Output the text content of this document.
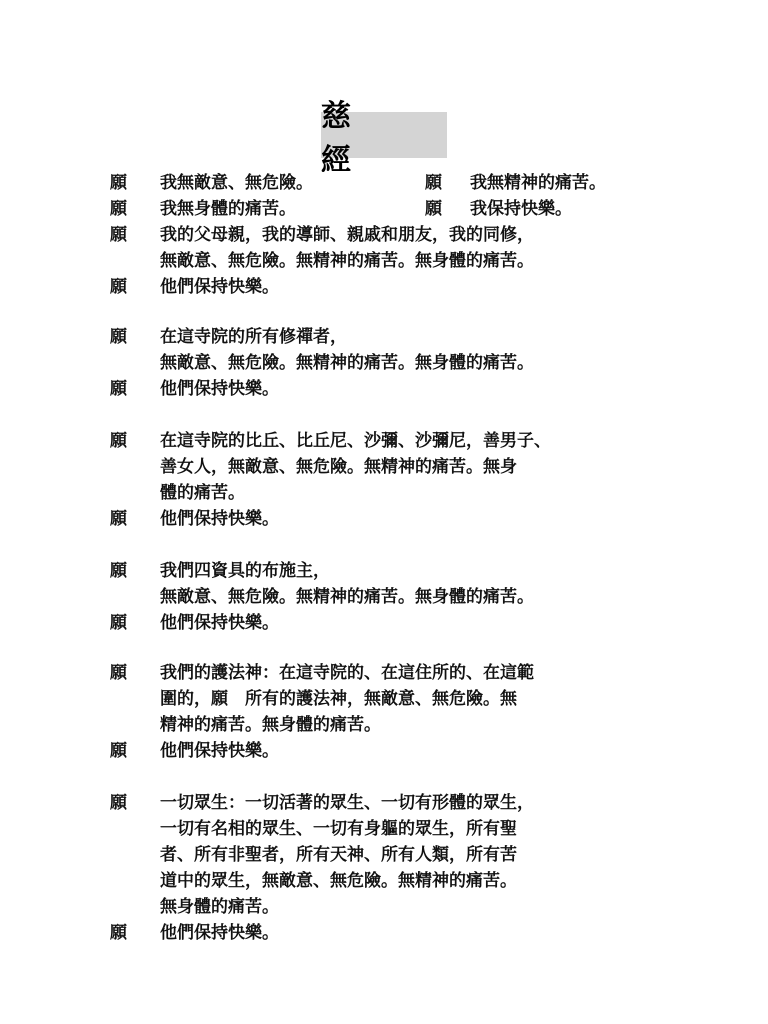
慈　經
願 我無敵意、無危險。	願 我無精神的痛苦。
願 我無身體的痛苦。	願 我保持快樂。
願 我的父母親，我的導師、親戚和朋友，我的同修，
無敵意、無危險。無精神的痛苦。無身體的痛苦。
願 他們保持快樂。
願 在這寺院的所有修禪者，
無敵意、無危險。無精神的痛苦。無身體的痛苦。
願 他們保持快樂。
願 在這寺院的比丘、比丘尼、沙彌、沙彌尼，善男子、
善女人，無敵意、無危險。無精神的痛苦。無身
體的痛苦。
願 他們保持快樂。
願 我們四資具的布施主，
無敵意、無危險。無精神的痛苦。無身體的痛苦。
願 他們保持快樂。
願 我們的護法神：在這寺院的、在這住所的、在這範
圍的，願　所有的護法神，無敵意、無危險。無
精神的痛苦。無身體的痛苦。
願 他們保持快樂。
願 一切眾生：一切活著的眾生、一切有形體的眾生，
一切有名相的眾生、一切有身軀的眾生，所有聖
者、所有非聖者，所有天神、所有人類，所有苦
道中的眾生，無敵意、無危險。無精神的痛苦。
無身體的痛苦。
願 他們保持快樂。
